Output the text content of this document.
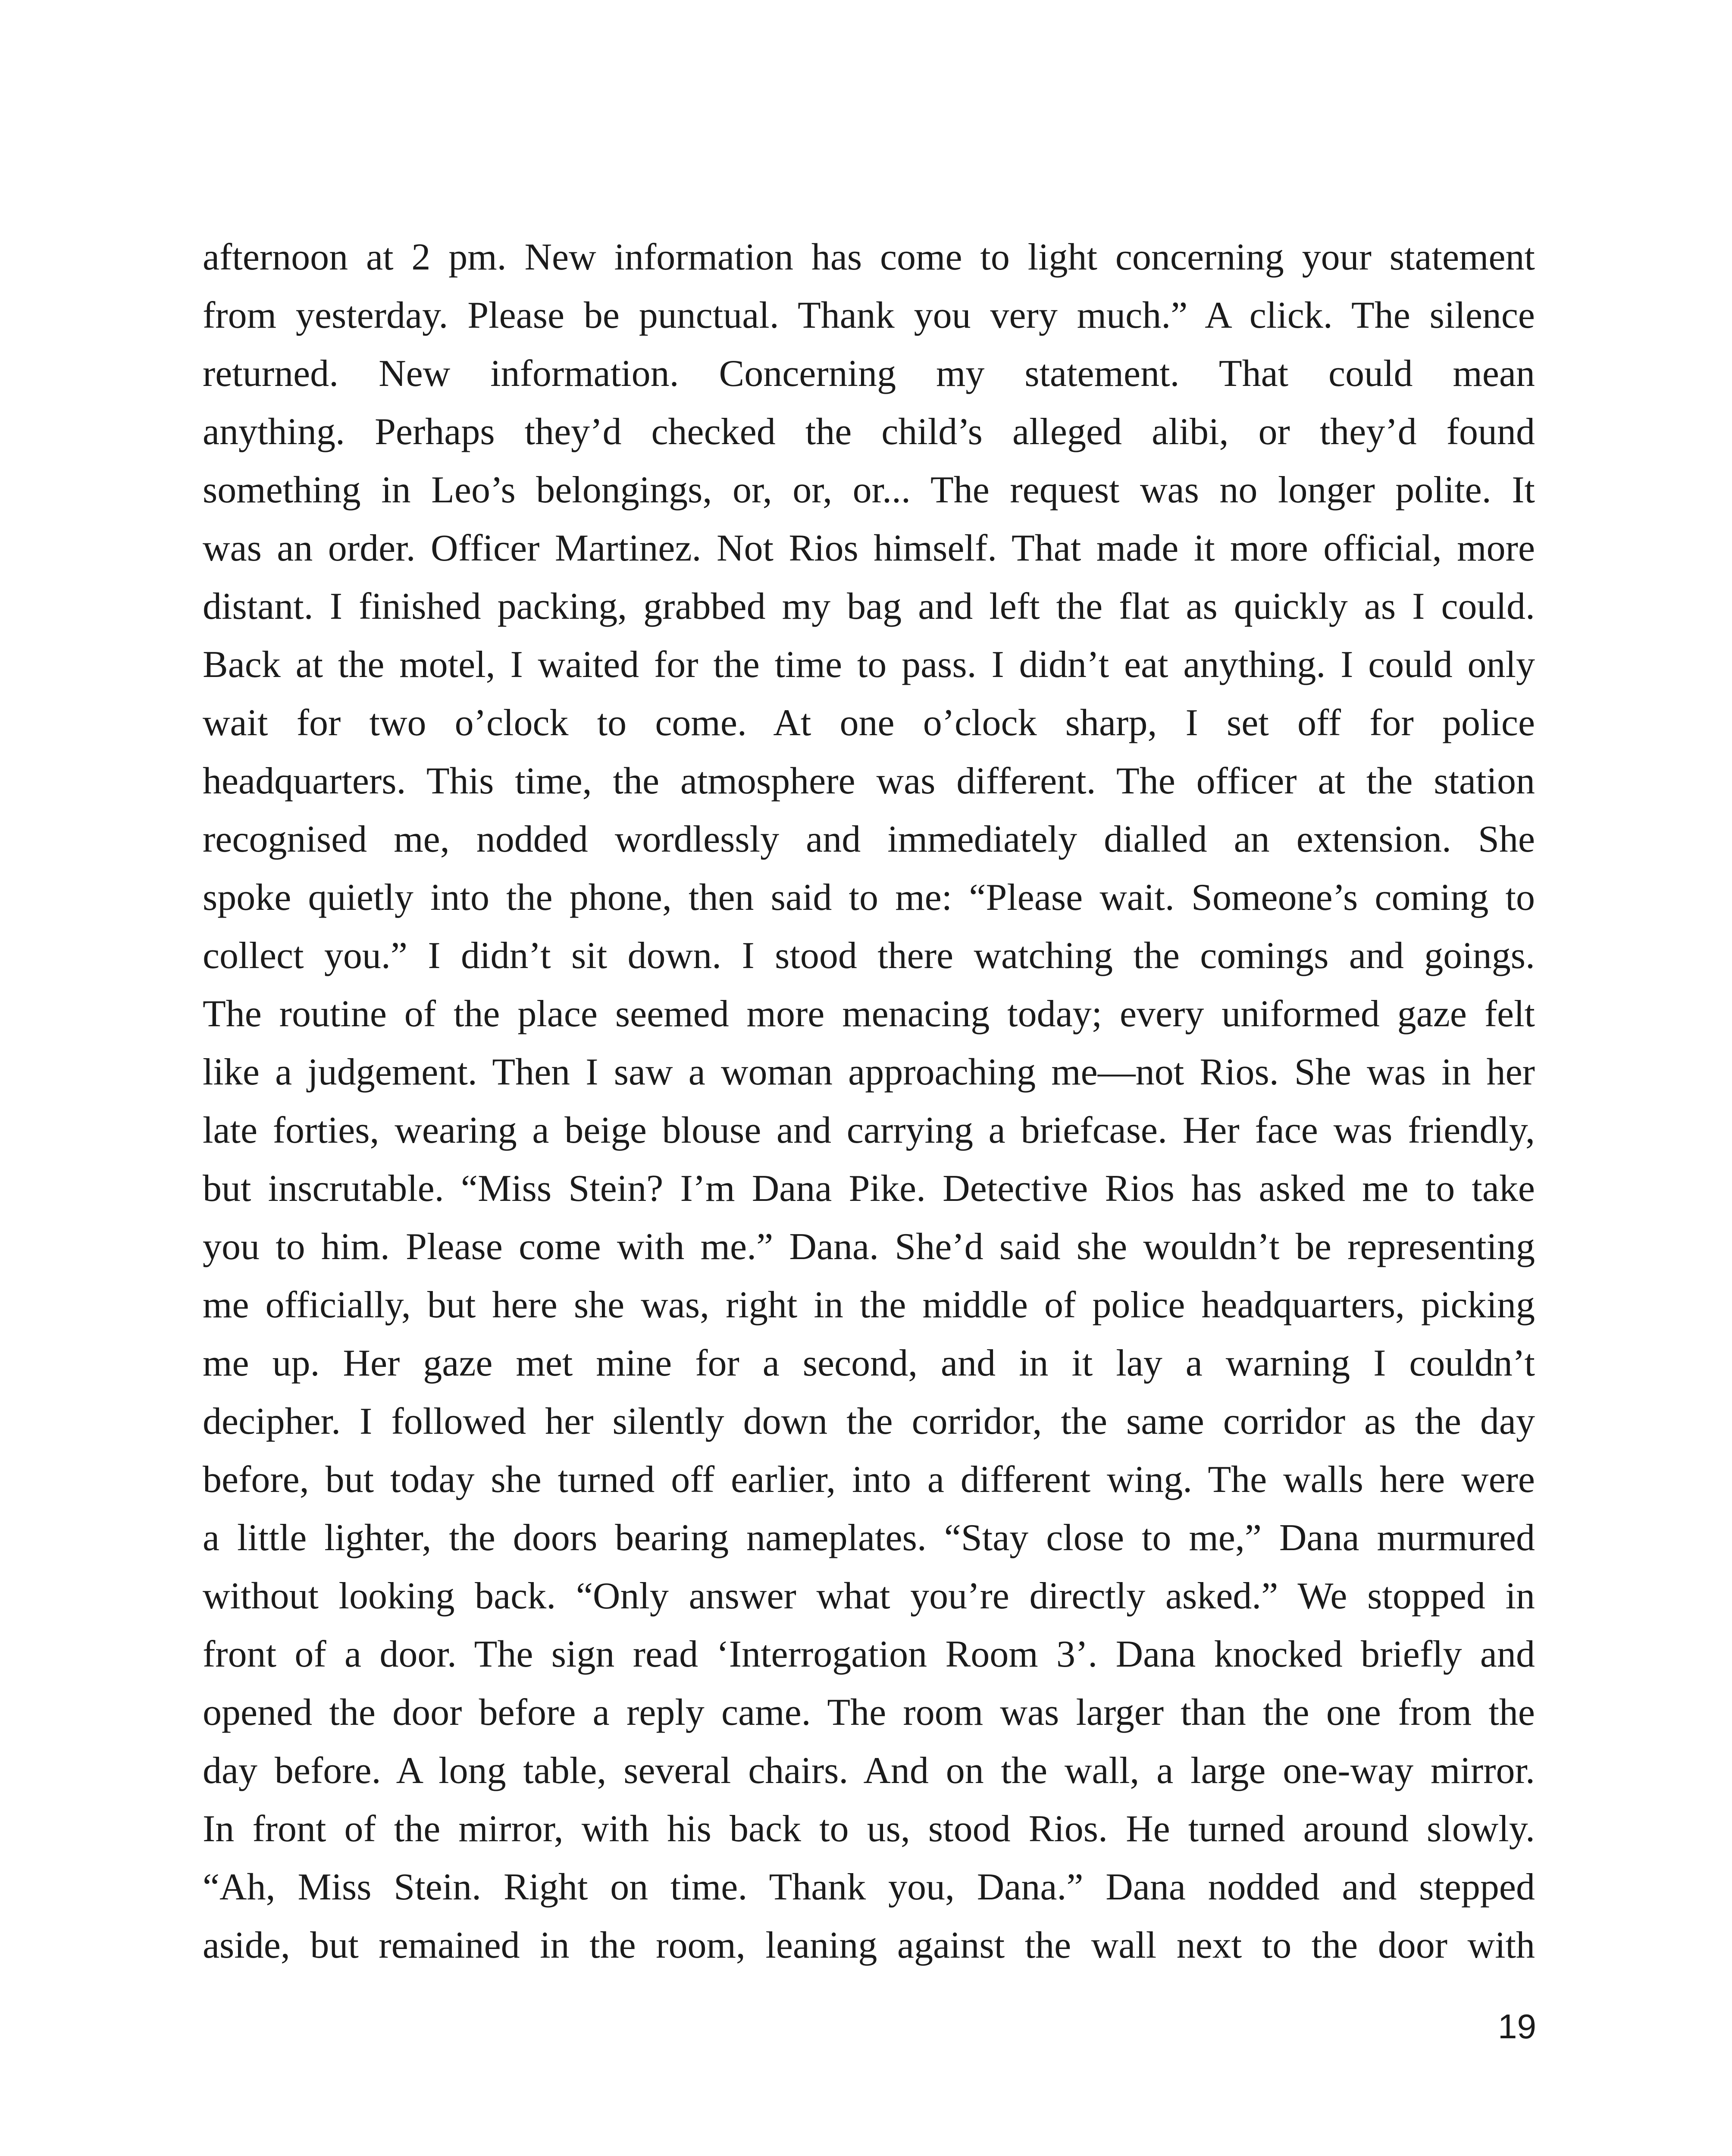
afternoon at 2 pm. New information has come to light concerning your statement
from yesterday. Please be punctual. Thank you very much.” A click. The silence
returned. New information. Concerning my statement. That could mean
anything. Perhaps they’d checked the child’s alleged alibi, or they’d found
something in Leo’s belongings, or, or, or... The request was no longer polite. It
was an order. Officer Martinez. Not Rios himself. That made it more official, more
distant. I finished packing, grabbed my bag and left the flat as quickly as I could.
Back at the motel, I waited for the time to pass. I didn’t eat anything. I could only
wait for two o’clock to come. At one o’clock sharp, I set off for police
headquarters. This time, the atmosphere was different. The officer at the station
recognised me, nodded wordlessly and immediately dialled an extension. She
spoke quietly into the phone, then said to me: “Please wait. Someone’s coming to
collect you.” I didn’t sit down. I stood there watching the comings and goings.
The routine of the place seemed more menacing today; every uniformed gaze felt
like a judgement. Then I saw a woman approaching me—not Rios. She was in her
late forties, wearing a beige blouse and carrying a briefcase. Her face was friendly,
but inscrutable. “Miss Stein? I’m Dana Pike. Detective Rios has asked me to take
you to him. Please come with me.” Dana. She’d said she wouldn’t be representing
me officially, but here she was, right in the middle of police headquarters, picking
me up. Her gaze met mine for a second, and in it lay a warning I couldn’t
decipher. I followed her silently down the corridor, the same corridor as the day
before, but today she turned off earlier, into a different wing. The walls here were
a little lighter, the doors bearing nameplates. “Stay close to me,” Dana murmured
without looking back. “Only answer what you’re directly asked.” We stopped in
front of a door. The sign read ‘Interrogation Room 3’. Dana knocked briefly and
opened the door before a reply came. The room was larger than the one from the
day before. A long table, several chairs. And on the wall, a large one-way mirror.
In front of the mirror, with his back to us, stood Rios. He turned around slowly.
“Ah, Miss Stein. Right on time. Thank you, Dana.” Dana nodded and stepped
aside, but remained in the room, leaning against the wall next to the door with
19
